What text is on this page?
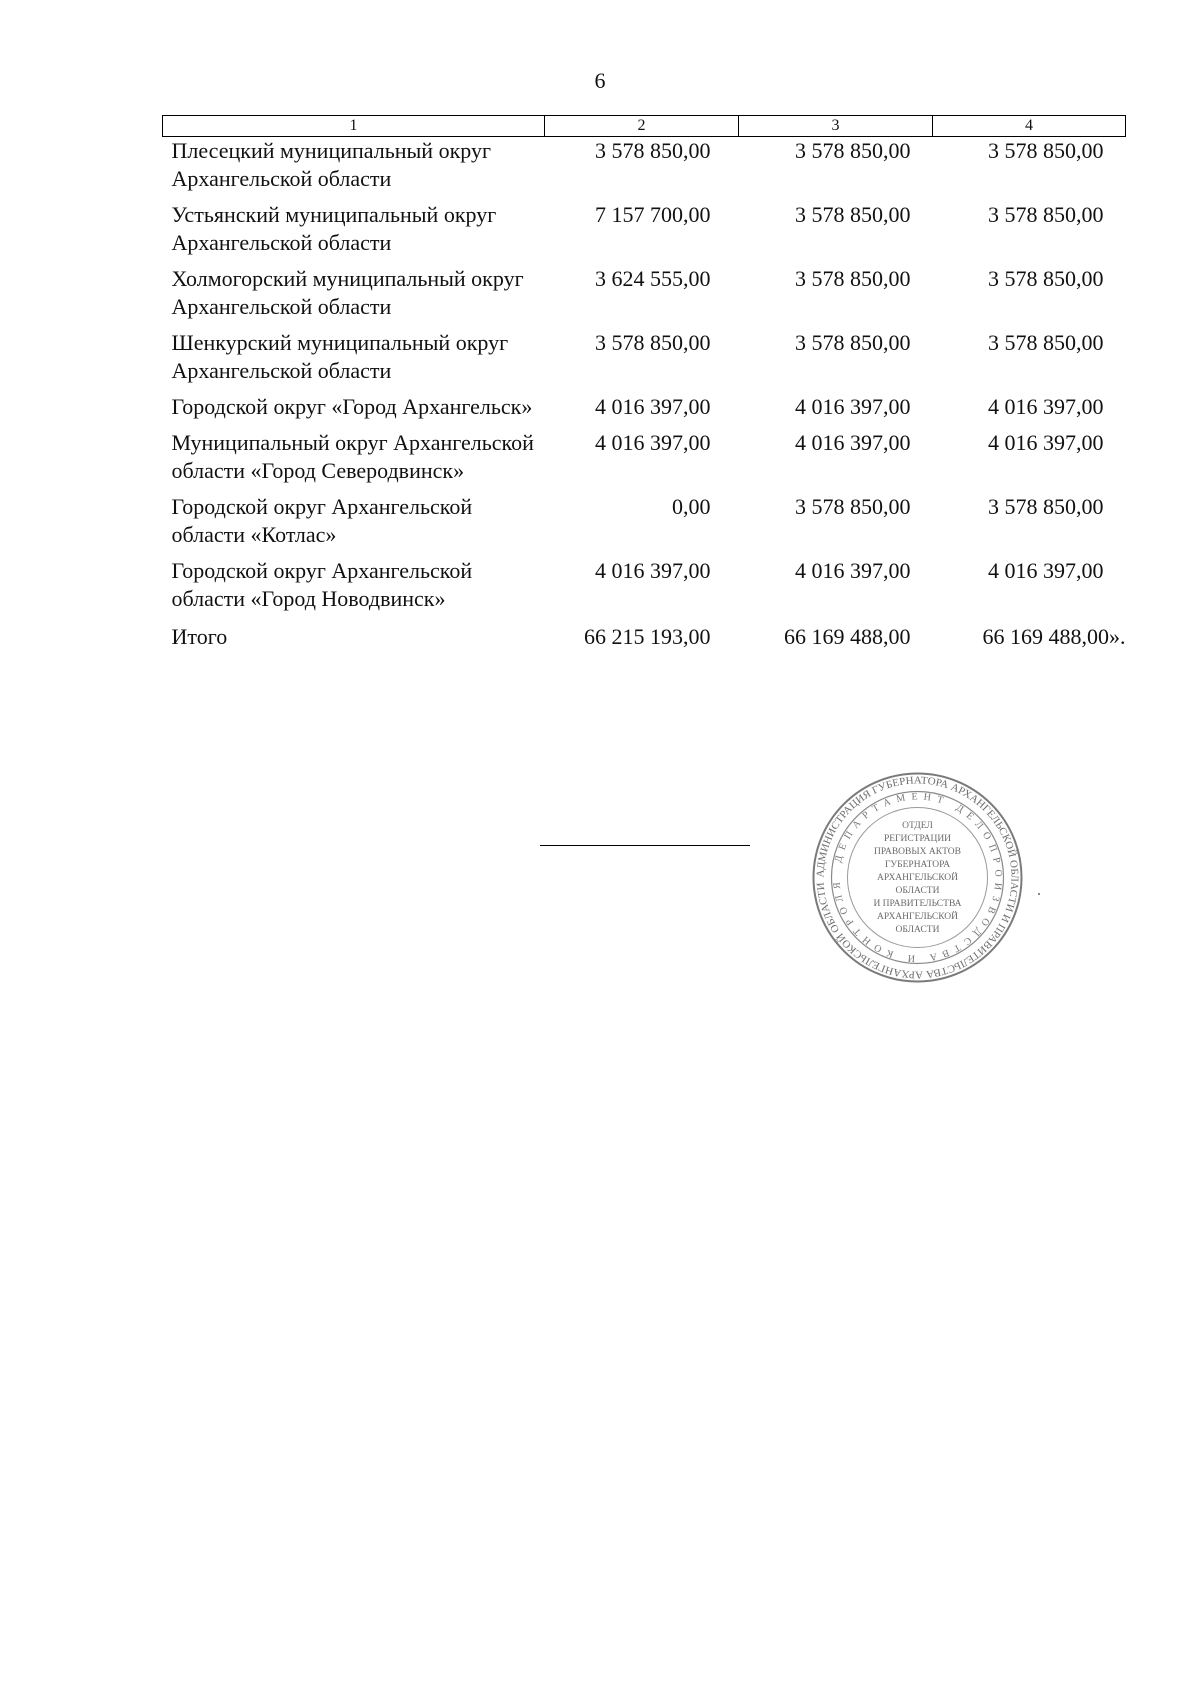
6
1	2	3	4
Плесецкий муниципальный округ Архангельской области	3 578 850,00	3 578 850,00	3 578 850,00
Устьянский муниципальный округ Архангельской области	7 157 700,00	3 578 850,00	3 578 850,00
Холмогорский муниципальный округ Архангельской области	3 624 555,00	3 578 850,00	3 578 850,00
Шенкурский муниципальный округ Архангельской области	3 578 850,00	3 578 850,00	3 578 850,00
Городской округ «Город Архангельск»	4 016 397,00	4 016 397,00	4 016 397,00
Муниципальный округ Архангельской области «Город Северодвинск»	4 016 397,00	4 016 397,00	4 016 397,00
Городской округ Архангельской области «Котлас»	0,00	3 578 850,00	3 578 850,00
Городской округ Архангельской области «Город Новодвинск»	4 016 397,00	4 016 397,00	4 016 397,00
Итого	66 215 193,00	66 169 488,00	66 169 488,00».
АДМИНИСТРАЦИЯ ГУБЕРНАТОРА АРХАНГЕЛЬСКОЙ ОБЛАСТИ И ПРАВИТЕЛЬСТВА АРХАНГЕЛЬСКОЙ ОБЛАСТИ
ДЕПАРТАМЕНТ ДЕЛОПРОИЗВОДСТВА И КОНТРОЛЯ
ОТДЕЛ
РЕГИСТРАЦИИ
ПРАВОВЫХ АКТОВ
ГУБЕРНАТОРА
АРХАНГЕЛЬСКОЙ
ОБЛАСТИ
И ПРАВИТЕЛЬСТВА
АРХАНГЕЛЬСКОЙ
ОБЛАСТИ
